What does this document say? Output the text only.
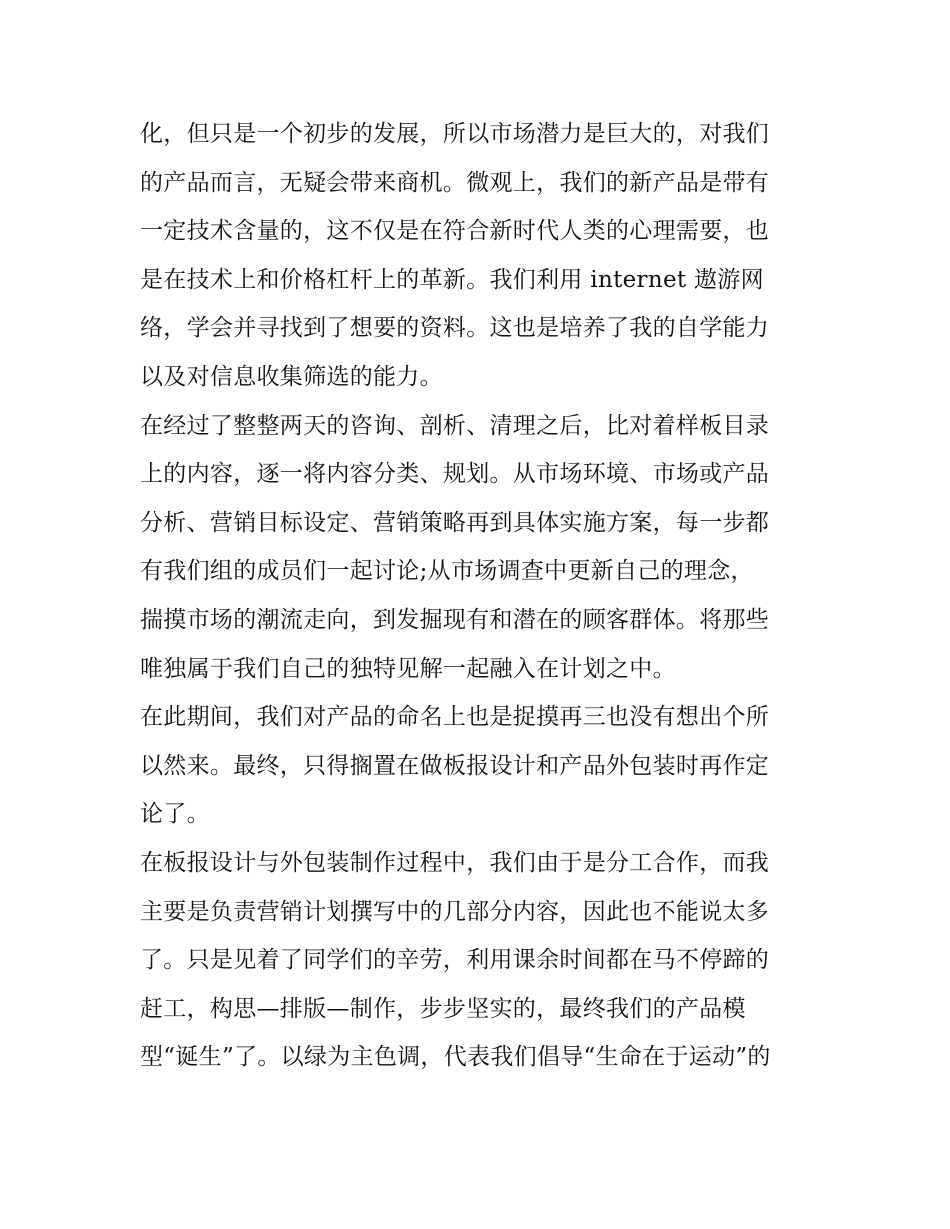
化，但只是一个初步的发展，所以市场潜力是巨大的，对我们
的产品而言，无疑会带来商机。微观上，我们的新产品是带有
一定技术含量的，这不仅是在符合新时代人类的心理需要，也
是在技术上和价格杠杆上的革新。我们利用 internet 遨游网
络，学会并寻找到了想要的资料。这也是培养了我的自学能力
以及对信息收集筛选的能力。
在经过了整整两天的咨询、剖析、清理之后，比对着样板目录
上的内容，逐一将内容分类、规划。从市场环境、市场或产品
分析、营销目标设定、营销策略再到具体实施方案，每一步都
有我们组的成员们一起讨论;从市场调查中更新自己的理念，
揣摸市场的潮流走向，到发掘现有和潜在的顾客群体。将那些
唯独属于我们自己的独特见解一起融入在计划之中。
在此期间，我们对产品的命名上也是捉摸再三也没有想出个所
以然来。最终，只得搁置在做板报设计和产品外包装时再作定
论了。
在板报设计与外包装制作过程中，我们由于是分工合作，而我
主要是负责营销计划撰写中的几部分内容，因此也不能说太多
了。只是见着了同学们的辛劳，利用课余时间都在马不停蹄的
赶工，构思—排版—制作，步步坚实的，最终我们的产品模
型“诞生”了。以绿为主色调，代表我们倡导“生命在于运动”的
